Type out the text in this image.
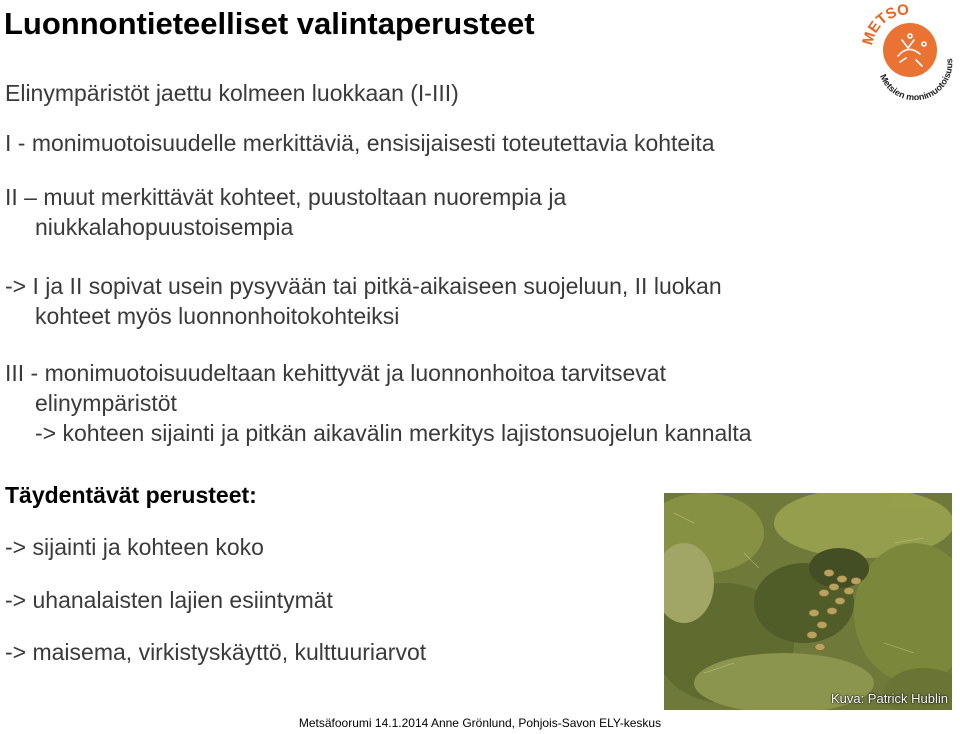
Luonnontieteelliset valintaperusteet	METSO
Metsien monimuotoisuus

Elinympäristöt jaettu kolmeen luokkaan (I-III)

I - monimuotoisuudelle merkittäviä, ensisijaisesti toteutettavia kohteita

II – muut merkittävät kohteet, puustoltaan nuorempia ja
niukkalahopuustoisempia

-> I ja II sopivat usein pysyvään tai pitkä-aikaiseen suojeluun, II luokan
kohteet myös luonnonhoitokohteiksi

III - monimuotoisuudeltaan kehittyvät ja luonnonhoitoa tarvitsevat
elinympäristöt
-> kohteen sijainti ja pitkän aikavälin merkitys lajistonsuojelun kannalta

Täydentävät perusteet:

-> sijainti ja kohteen koko

-> uhanalaisten lajien esiintymät

-> maisema, virkistyskäyttö, kulttuuriarvot

Kuva: Patrick Hublin
Metsäfoorumi 14.1.2014 Anne Grönlund, Pohjois-Savon ELY-keskus
